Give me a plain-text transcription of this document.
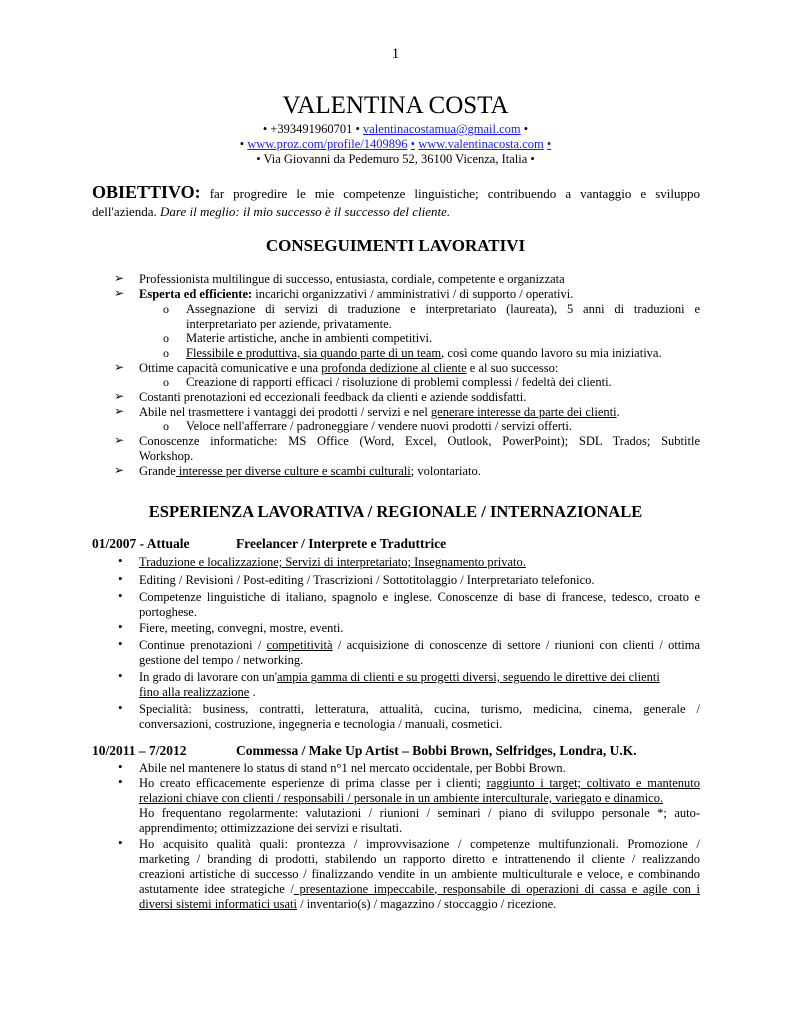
1
VALENTINA COSTA
• +393491960701 • valentinacostamua@gmail.com •
• www.proz.com/profile/1409896 • www.valentinacosta.com •
• Via Giovanni da Pedemuro 52, 36100 Vicenza, Italia •
OBIETTIVO: far progredire le mie competenze linguistiche; contribuendo a vantaggio e sviluppo dell'azienda. Dare il meglio: il mio successo è il successo del cliente.
CONSEGUIMENTI LAVORATIVI
➢ Professionista multilingue di successo, entusiasta, cordiale, competente e organizzata
➢ Esperta ed efficiente: incarichi organizzativi / amministrativi / di supporto / operativi.
o Assegnazione di servizi di traduzione e interpretariato (laureata), 5 anni di traduzioni e
interpretariato per aziende, privatamente.
o Materie artistiche, anche in ambienti competitivi.
o Flessibile e produttiva, sia quando parte di un team, così come quando lavoro su mia iniziativa.
➢ Ottime capacità comunicative e una profonda dedizione al cliente e al suo successo:
o Creazione di rapporti efficaci / risoluzione di problemi complessi / fedeltà dei clienti.
➢ Costanti prenotazioni ed eccezionali feedback da clienti e aziende soddisfatti.
➢ Abile nel trasmettere i vantaggi dei prodotti / servizi e nel generare interesse da parte dei clienti.
o Veloce nell'afferrare / padroneggiare / vendere nuovi prodotti / servizi offerti.
➢ Conoscenze informatiche: MS Office (Word, Excel, Outlook, PowerPoint); SDL Trados; Subtitle
Workshop.
➢ Grande interesse per diverse culture e scambi culturali; volontariato.
ESPERIENZA LAVORATIVA / REGIONALE / INTERNAZIONALE
01/2007 - Attuale	Freelancer / Interprete e Traduttrice
• Traduzione e localizzazione; Servizi di interpretariato; Insegnamento privato.
• Editing / Revisioni / Post-editing / Trascrizioni / Sottotitolaggio / Interpretariato telefonico.
• Competenze linguistiche di italiano, spagnolo e inglese. Conoscenze di base di francese, tedesco, croato e
portoghese.
• Fiere, meeting, convegni, mostre, eventi.
• Continue prenotazioni / competitività / acquisizione di conoscenze di settore / riunioni con clienti / ottima
gestione del tempo / networking.
• In grado di lavorare con un'ampia gamma di clienti e su progetti diversi, seguendo le direttive dei clienti
fino alla realizzazione .
• Specialità: business, contratti, letteratura, attualità, cucina, turismo, medicina, cinema, generale /
conversazioni, costruzione, ingegneria e tecnologia / manuali, cosmetici.
10/2011 – 7/2012	Commessa / Make Up Artist – Bobbi Brown, Selfridges, Londra, U.K.
• Abile nel mantenere lo status di stand n°1 nel mercato occidentale, per Bobbi Brown.
• Ho creato efficacemente esperienze di prima classe per i clienti; raggiunto i target; coltivato e mantenuto
relazioni chiave con clienti / responsabili / personale in un ambiente interculturale, variegato e dinamico.
Ho frequentano regolarmente: valutazioni / riunioni / seminari / piano di sviluppo personale *; auto-
apprendimento; ottimizzazione dei servizi e risultati.
• Ho acquisito qualità quali: prontezza / improvvisazione / competenze multifunzionali. Promozione /
marketing / branding di prodotti, stabilendo un rapporto diretto e intrattenendo il cliente / realizzando
creazioni artistiche di successo / finalizzando vendite in un ambiente multiculturale e veloce, e combinando
astutamente idee strategiche / presentazione impeccabile, responsabile di operazioni di cassa e agile con i
diversi sistemi informatici usati / inventario(s) / magazzino / stoccaggio / ricezione.
